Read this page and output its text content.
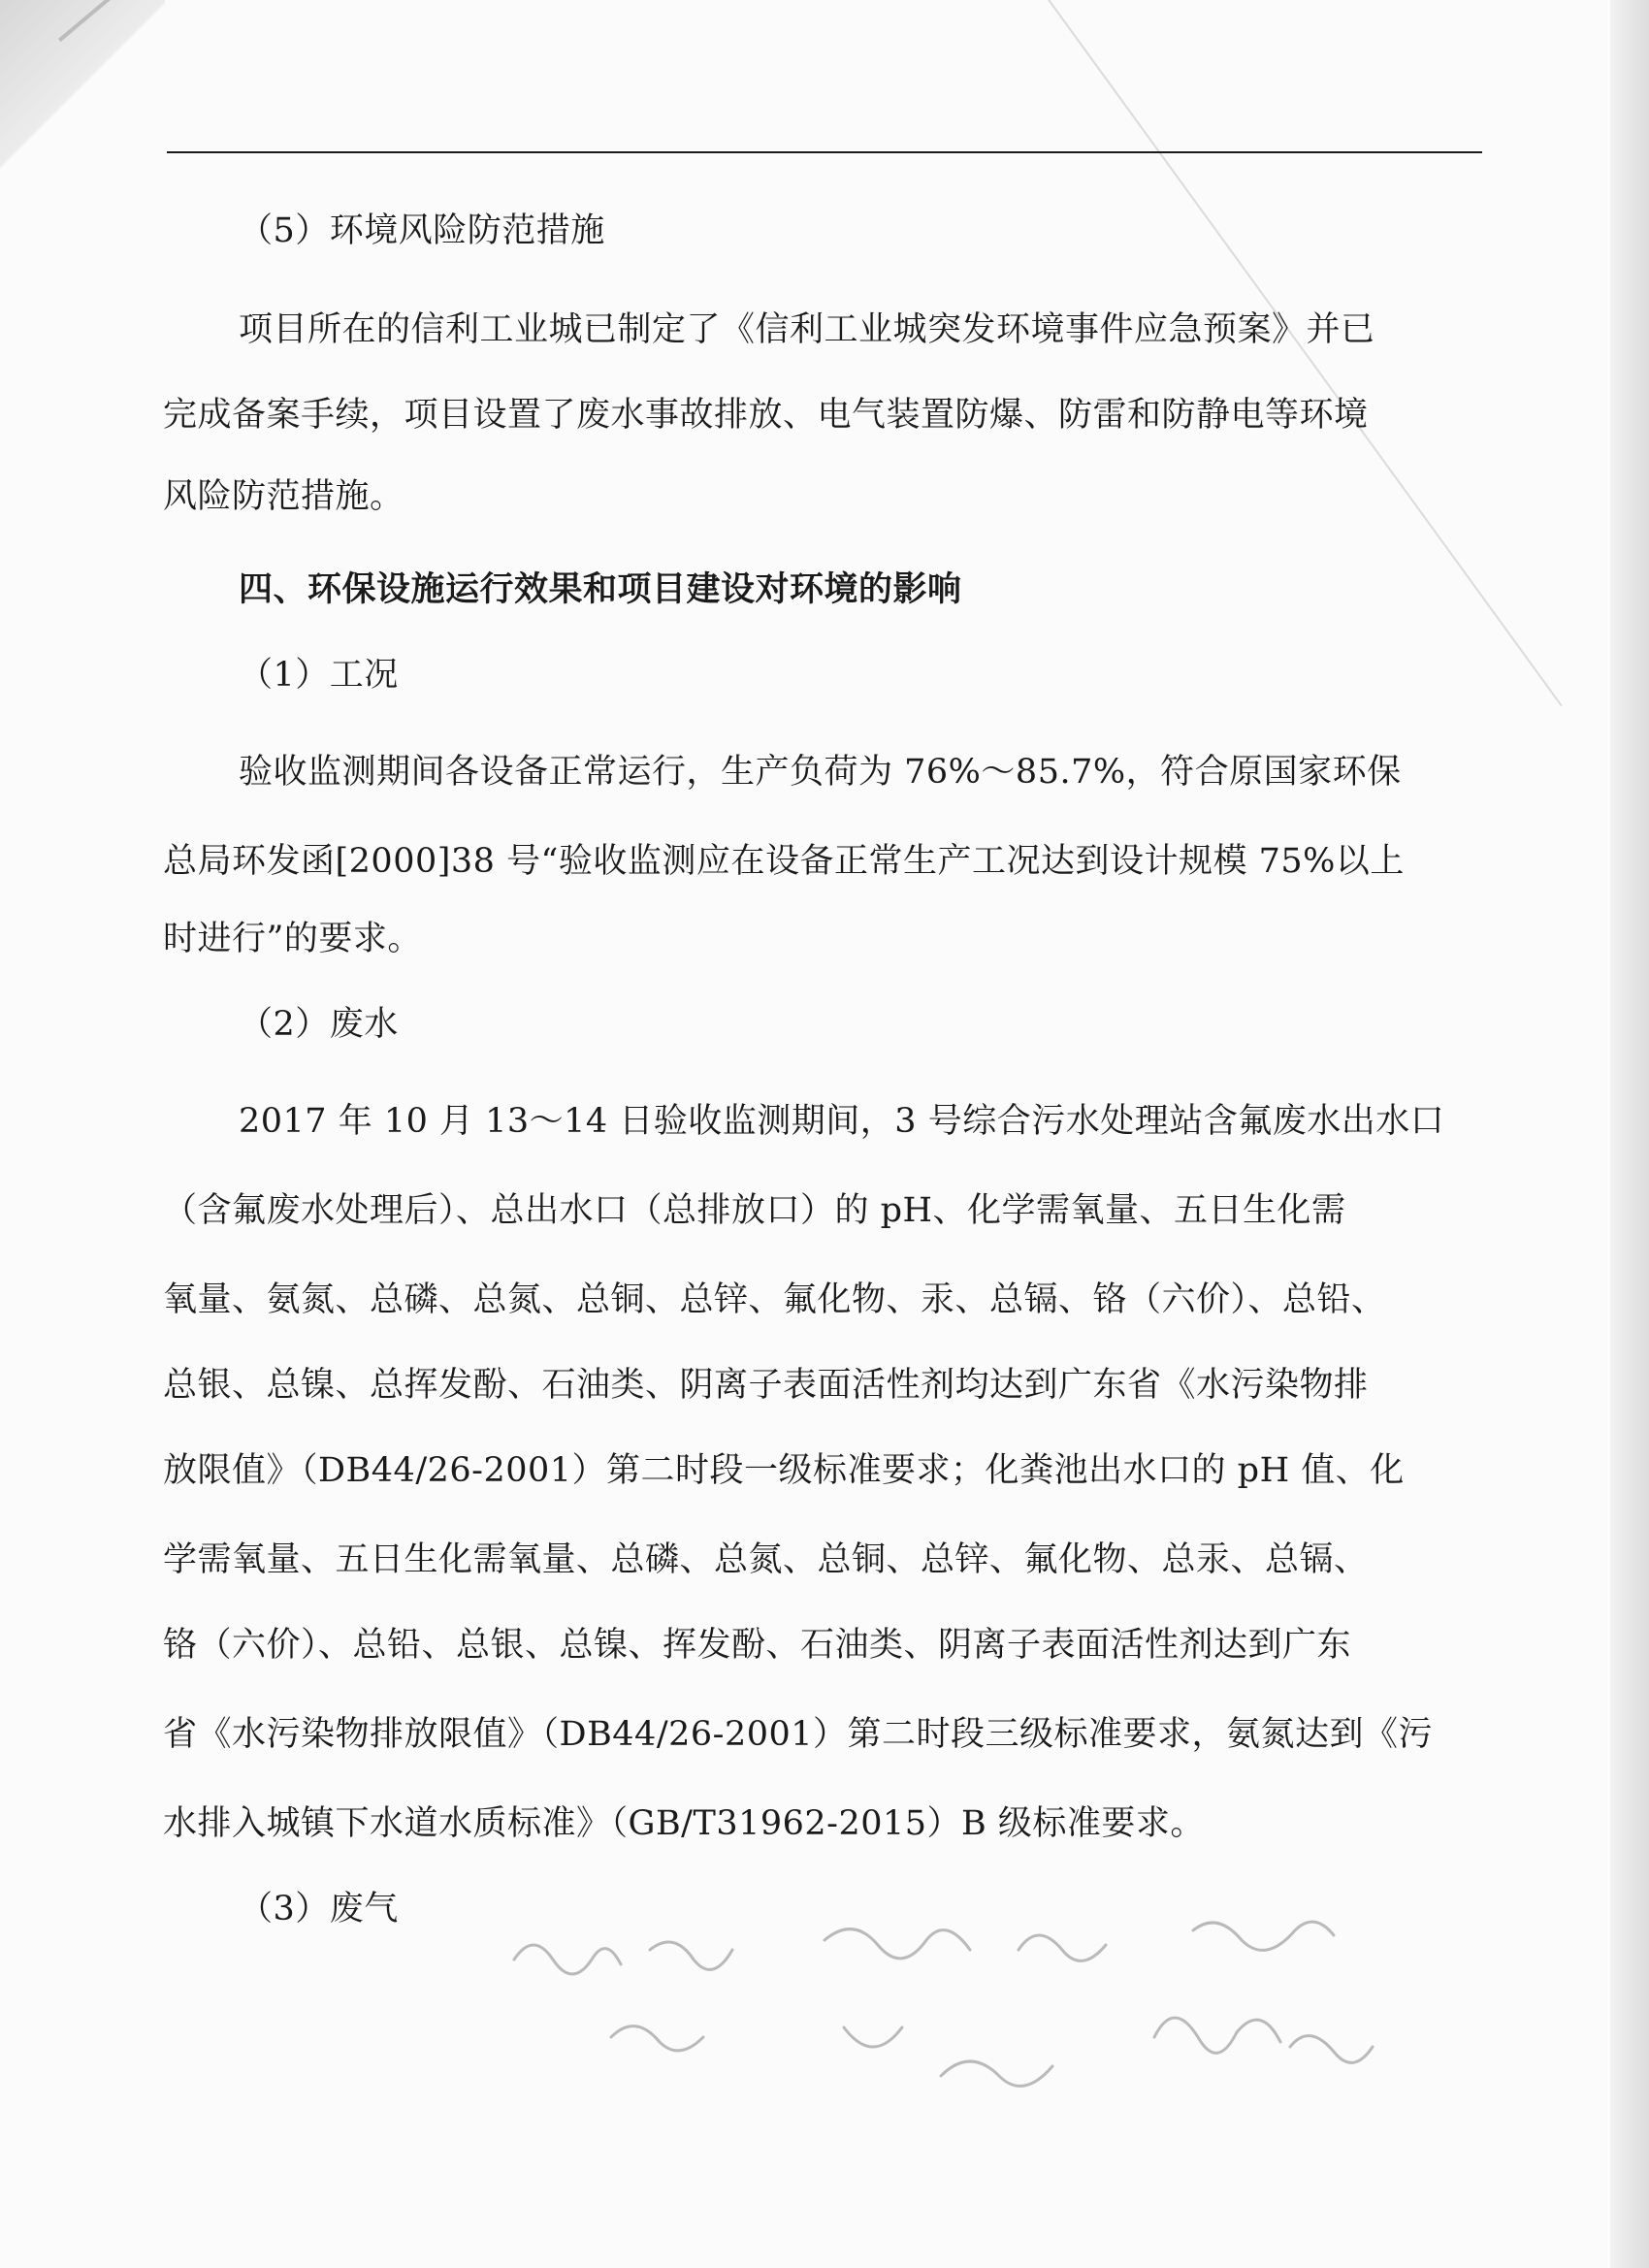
（5）环境风险防范措施
项目所在的信利工业城已制定了《信利工业城突发环境事件应急预案》并已
完成备案手续，项目设置了废水事故排放、电气装置防爆、防雷和防静电等环境
风险防范措施。
四、环保设施运行效果和项目建设对环境的影响
（1）工况
验收监测期间各设备正常运行，生产负荷为 76%～85.7%，符合原国家环保
总局环发函[2000]38 号“验收监测应在设备正常生产工况达到设计规模 75%以上
时进行”的要求。
（2）废水
2017 年 10 月 13～14 日验收监测期间，3 号综合污水处理站含氟废水出水口
（含氟废水处理后）、总出水口（总排放口）的 pH、化学需氧量、五日生化需
氧量、氨氮、总磷、总氮、总铜、总锌、氟化物、汞、总镉、铬（六价）、总铅、
总银、总镍、总挥发酚、石油类、阴离子表面活性剂均达到广东省《水污染物排
放限值》（DB44/26-2001）第二时段一级标准要求；化粪池出水口的 pH 值、化
学需氧量、五日生化需氧量、总磷、总氮、总铜、总锌、氟化物、总汞、总镉、
铬（六价）、总铅、总银、总镍、挥发酚、石油类、阴离子表面活性剂达到广东
省《水污染物排放限值》（DB44/26-2001）第二时段三级标准要求，氨氮达到《污
水排入城镇下水道水质标准》（GB/T31962-2015）B 级标准要求。
（3）废气
